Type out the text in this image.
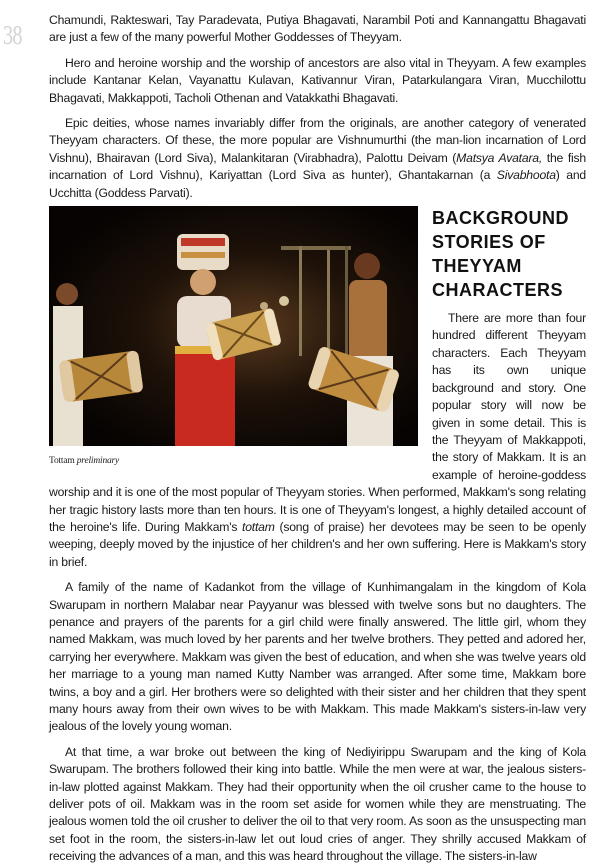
38 Chamundi, Rakteswari, Tay Paradevata, Putiya Bhagavati, Narambil Poti and Kannangattu Bhagavati are just a few of the many powerful Mother Goddesses of Theyyam.

Hero and heroine worship and the worship of ancestors are also vital in Theyyam. A few examples include Kantanar Kelan, Vayanattu Kulavan, Kativannur Viran, Patarkulangara Viran, Mucchilottu Bhagavati, Makkappoti, Tacholi Othenan and Vatakkathi Bhagavati.

Epic deities, whose names invariably differ from the originals, are another category of venerated Theyyam characters. Of these, the more popular are Vishnumurthi (the man-lion incarnation of Lord Vishnu), Bhairavan (Lord Siva), Malankitaran (Virabhadra), Palottu Deivam (Matsya Avatara, the fish incarnation of Lord Vishnu), Kariyattan (Lord Siva as hunter), Ghantakarnan (a Sivabhoota) and Ucchitta (Goddess Parvati).

Tottam preliminary
BACKGROUND STORIES OF THEYYAM CHARACTERS

There are more than four hundred different Theyyam characters. Each Theyyam has its own unique background and story. One popular story will now be given in some detail. This is the Theyyam of Makkappoti, the story of Makkam. It is an example of heroine-goddess worship and it is one of the most popular of Theyyam stories. When performed, Makkam's song relating her tragic history lasts more than ten hours. It is one of Theyyam's longest, a highly detailed account of the heroine's life. During Makkam's tottam (song of praise) her devotees may be seen to be openly weeping, deeply moved by the injustice of her children's and her own suffering. Here is Makkam's story in brief.

A family of the name of Kadankot from the village of Kunhimangalam in the kingdom of Kola Swarupam in northern Malabar near Payyanur was blessed with twelve sons but no daughters. The penance and prayers of the parents for a girl child were finally answered. The little girl, whom they named Makkam, was much loved by her parents and her twelve brothers. They petted and adored her, carrying her everywhere. Makkam was given the best of education, and when she was twelve years old her marriage to a young man named Kutty Namber was arranged. After some time, Makkam bore twins, a boy and a girl. Her brothers were so delighted with their sister and her children that they spent many hours away from their own wives to be with Makkam. This made Makkam's sisters-in-law very jealous of the lovely young woman.

At that time, a war broke out between the king of Nediyirippu Swarupam and the king of Kola Swarupam. The brothers followed their king into battle. While the men were at war, the jealous sisters-in-law plotted against Makkam. They had their opportunity when the oil crusher came to the house to deliver pots of oil. Makkam was in the room set aside for women while they are menstruating. The jealous women told the oil crusher to deliver the oil to that very room. As soon as the unsuspecting man set foot in the room, the sisters-in-law let out loud cries of anger. They shrilly accused Makkam of receiving the advances of a man, and this was heard throughout the village. The sisters-in-law
